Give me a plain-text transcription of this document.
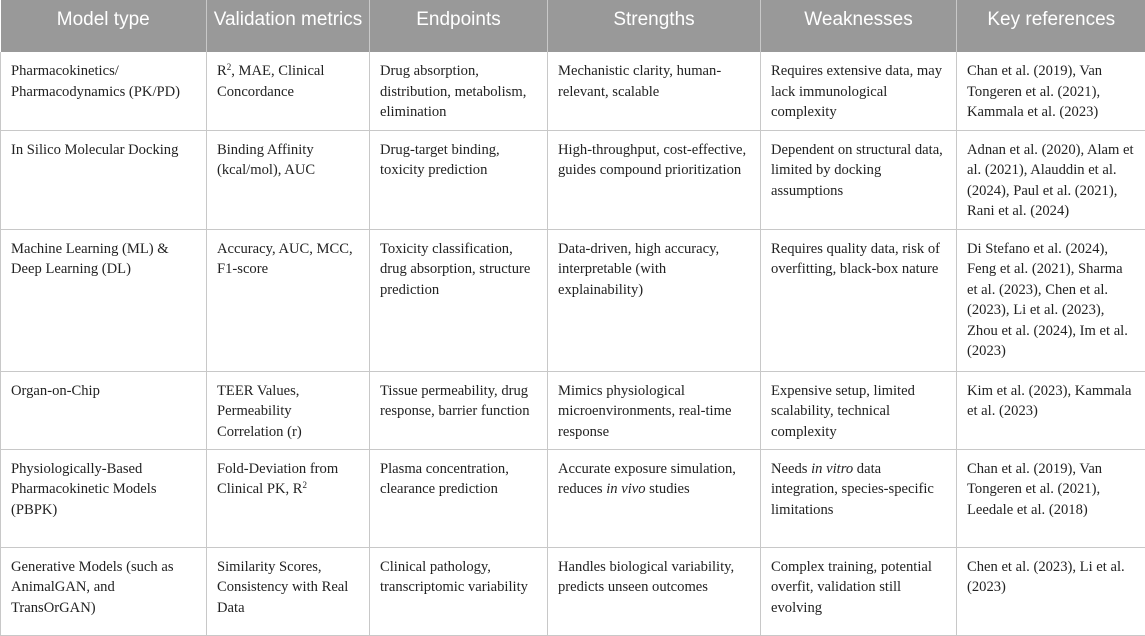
Model type	Validation metrics	Endpoints	Strengths	Weaknesses	Key references
Pharmacokinetics/ Pharmacodynamics (PK/PD)	$R^2$, MAE, Clinical Concordance	Drug absorption, distribution, metabolism, elimination	Mechanistic clarity, human-relevant, scalable	Requires extensive data, may lack immunological complexity	Chan et al. (2019), Van Tongeren et al. (2021), Kammala et al. (2023)
In Silico Molecular Docking	Binding Affinity (kcal/mol), AUC	Drug-target binding, toxicity prediction	High-throughput, cost-effective, guides compound prioritization	Dependent on structural data, limited by docking assumptions	Adnan et al. (2020), Alam et al. (2021), Alauddin et al. (2024), Paul et al. (2021), Rani et al. (2024)
Machine Learning (ML) & Deep Learning (DL)	Accuracy, AUC, MCC, F1-score	Toxicity classification, drug absorption, structure prediction	Data-driven, high accuracy, interpretable (with explainability)	Requires quality data, risk of overfitting, black-box nature	Di Stefano et al. (2024), Feng et al. (2021), Sharma et al. (2023), Chen et al. (2023), Li et al. (2023), Zhou et al. (2024), Im et al. (2023)
Organ-on-Chip	TEER Values, Permeability Correlation (r)	Tissue permeability, drug response, barrier function	Mimics physiological microenvironments, real-time response	Expensive setup, limited scalability, technical complexity	Kim et al. (2023), Kammala et al. (2023)
Physiologically-Based Pharmacokinetic Models (PBPK)	Fold-Deviation from Clinical PK, $R^2$	Plasma concentration, clearance prediction	Accurate exposure simulation, reduces in vivo studies	Needs in vitro data integration, species-specific limitations	Chan et al. (2019), Van Tongeren et al. (2021), Leedale et al. (2018)
Generative Models (such as AnimalGAN, and TransOrGAN)	Similarity Scores, Consistency with Real Data	Clinical pathology, transcriptomic variability	Handles biological variability, predicts unseen outcomes	Complex training, potential overfit, validation still evolving	Chen et al. (2023), Li et al. (2023)
